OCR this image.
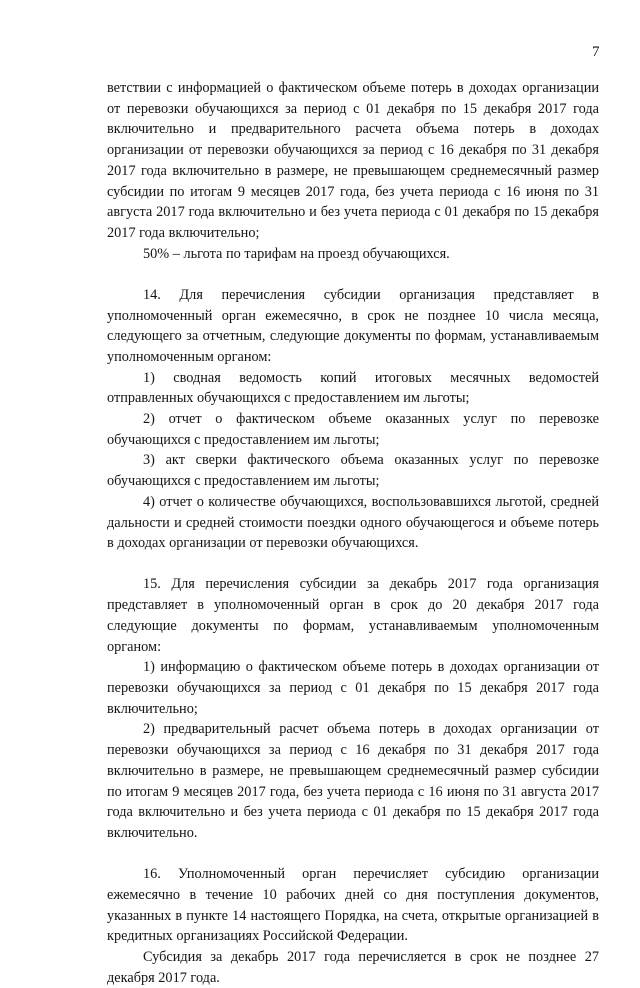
7

ветствии с информацией о фактическом объеме потерь в доходах организации от перевозки обучающихся за период с 01 декабря по 15 декабря 2017 года включительно и предварительного расчета объема потерь в доходах организации от перевозки обучающихся за период с 16 декабря по 31 декабря 2017 года включительно в размере, не превышающем среднемесячный размер субсидии по итогам 9 месяцев 2017 года, без учета периода с 16 июня по 31 августа 2017 года включительно и без учета периода с 01 декабря по 15 декабря 2017 года включительно;

50% – льгота по тарифам на проезд обучающихся.

14. Для перечисления субсидии организация представляет в уполномоченный орган ежемесячно, в срок не позднее 10 числа месяца, следующего за отчетным, следующие документы по формам, устанавливаемым уполномоченным органом:

1) сводная ведомость копий итоговых месячных ведомостей отправленных обучающихся с предоставлением им льготы;

2) отчет о фактическом объеме оказанных услуг по перевозке обучающихся с предоставлением им льготы;

3) акт сверки фактического объема оказанных услуг по перевозке обучающихся с предоставлением им льготы;

4) отчет о количестве обучающихся, воспользовавшихся льготой, средней дальности и средней стоимости поездки одного обучающегося и объеме потерь в доходах организации от перевозки обучающихся.

15. Для перечисления субсидии за декабрь 2017 года организация представляет в уполномоченный орган в срок до 20 декабря 2017 года следующие документы по формам, устанавливаемым уполномоченным органом:

1) информацию о фактическом объеме потерь в доходах организации от перевозки обучающихся за период с 01 декабря по 15 декабря 2017 года включительно;

2) предварительный расчет объема потерь в доходах организации от перевозки обучающихся за период с 16 декабря по 31 декабря 2017 года включительно в размере, не превышающем среднемесячный размер субсидии по итогам 9 месяцев 2017 года, без учета периода с 16 июня по 31 августа 2017 года включительно и без учета периода с 01 декабря по 15 декабря 2017 года включительно.

16. Уполномоченный орган перечисляет субсидию организации ежемесячно в течение 10 рабочих дней со дня поступления документов, указанных в пункте 14 настоящего Порядка, на счета, открытые организацией в кредитных организациях Российской Федерации.

Субсидия за декабрь 2017 года перечисляется в срок не позднее 27 декабря 2017 года.
